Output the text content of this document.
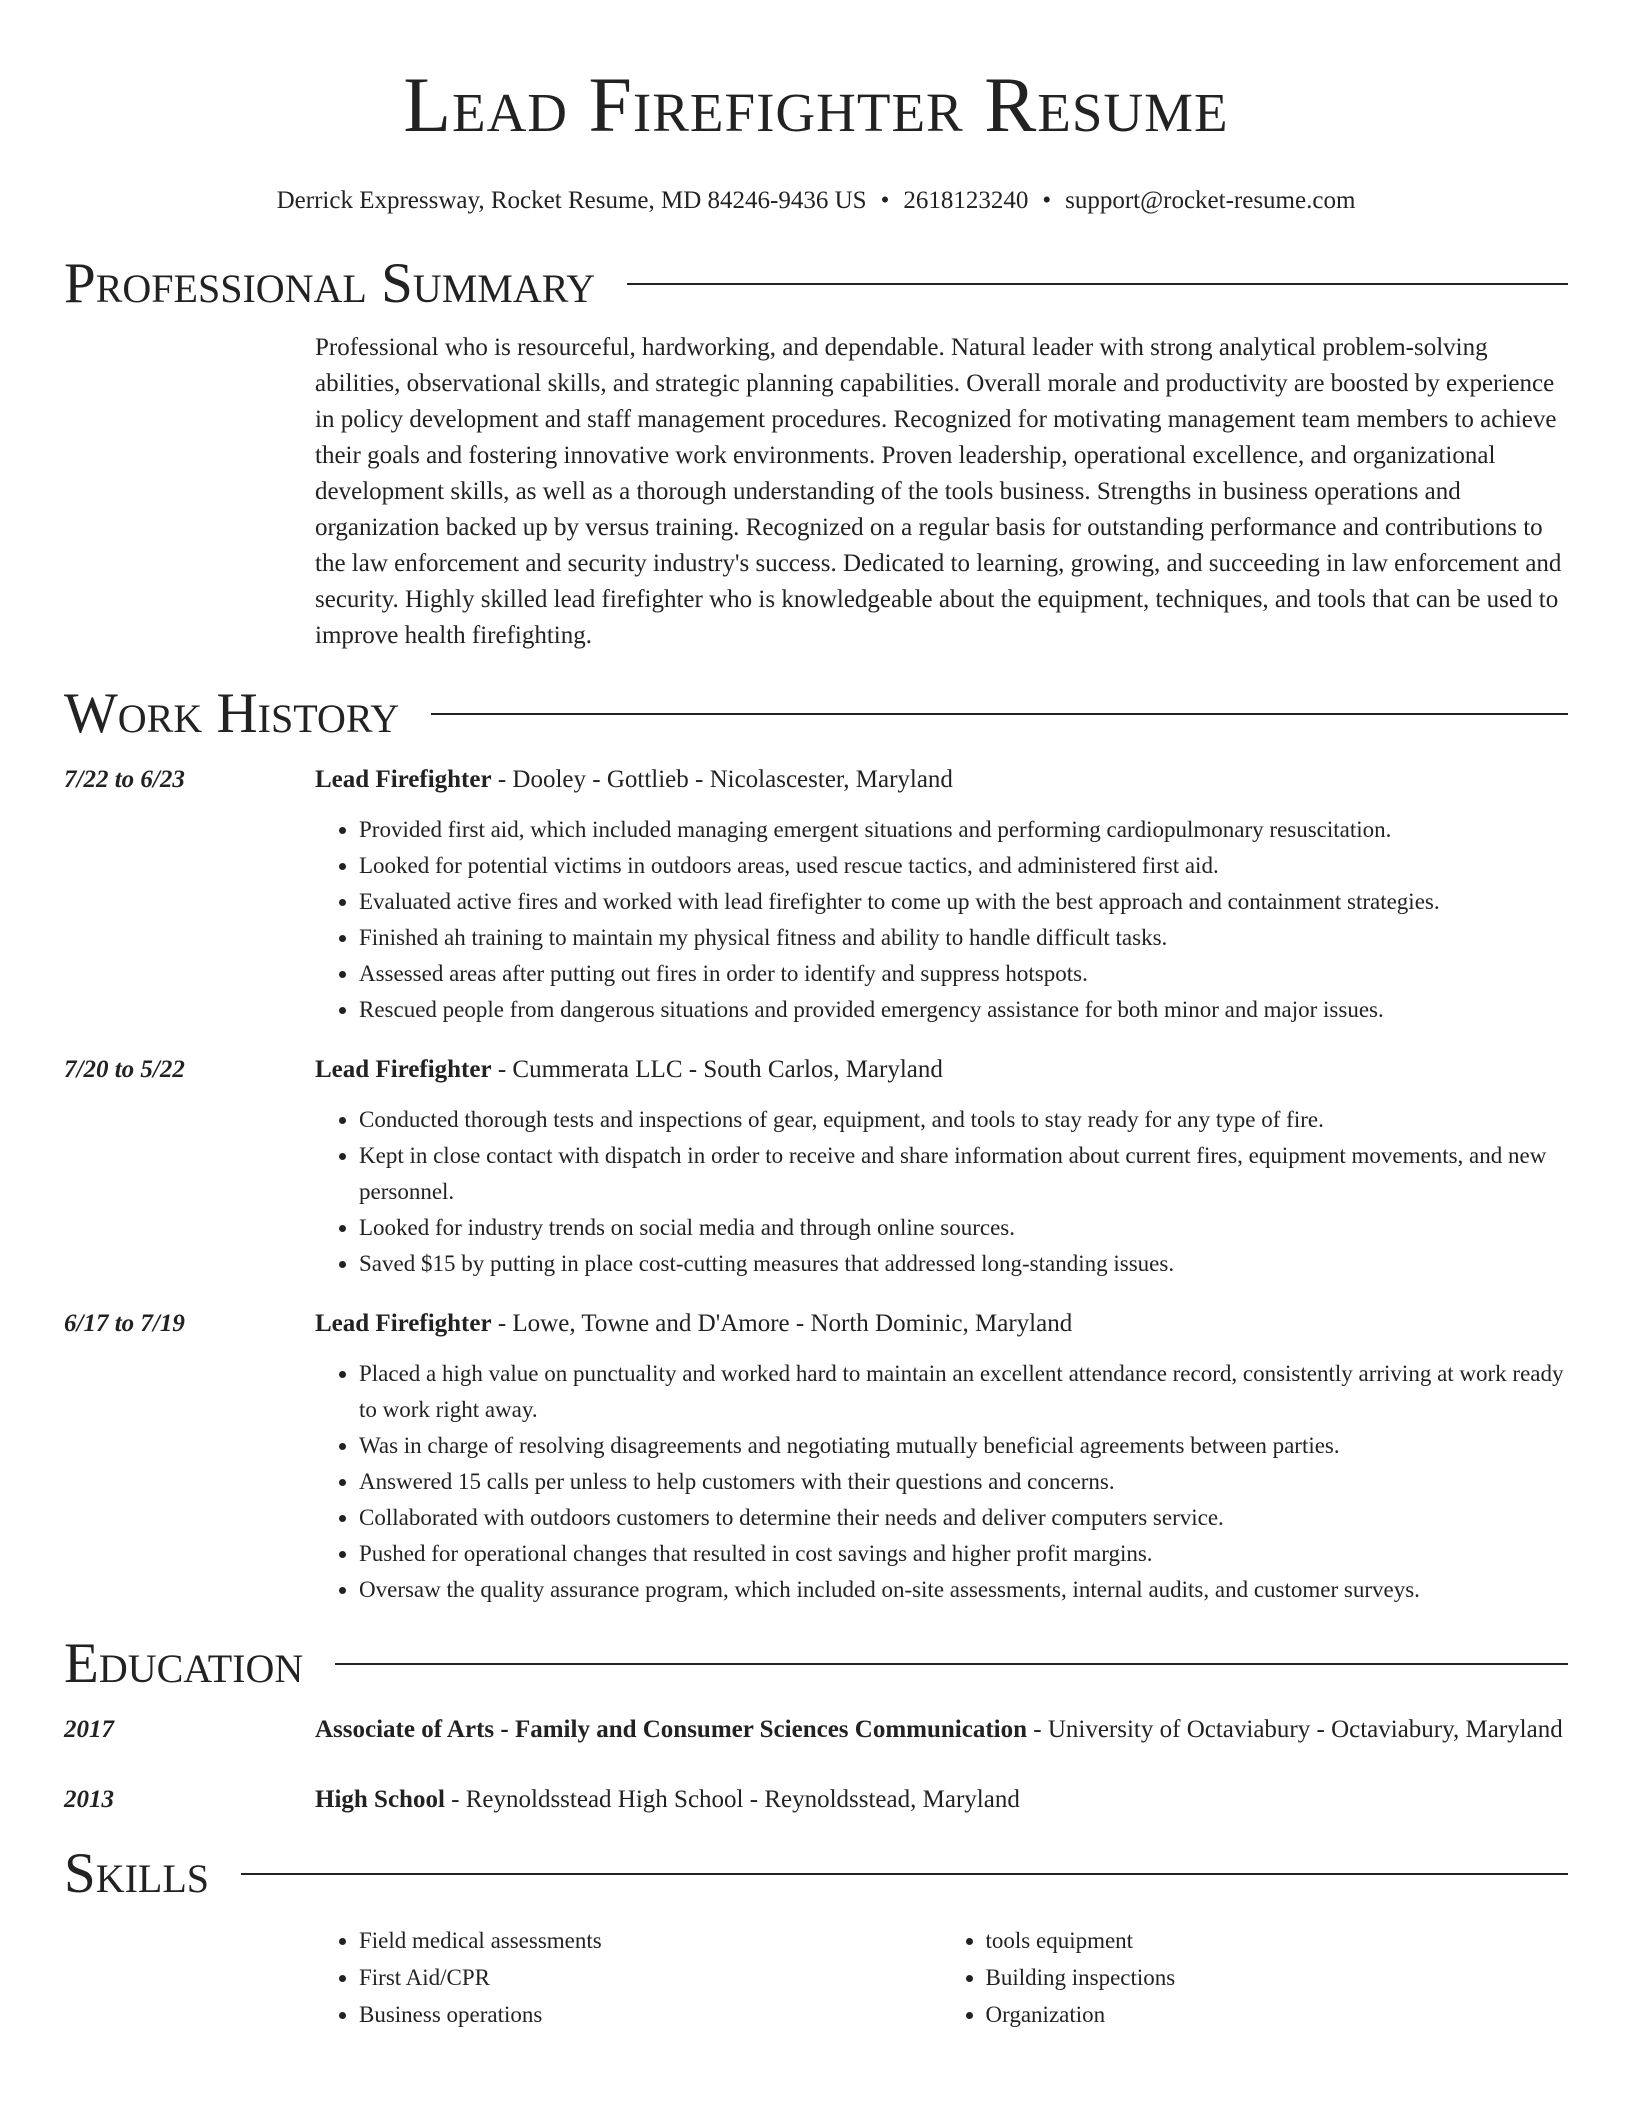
Lead Firefighter Resume
Derrick Expressway, Rocket Resume, MD 84246-9436 US • 2618123240 • support@rocket-resume.com
Professional Summary
Professional who is resourceful, hardworking, and dependable. Natural leader with strong analytical problem-solving abilities, observational skills, and strategic planning capabilities. Overall morale and productivity are boosted by experience in policy development and staff management procedures. Recognized for motivating management team members to achieve their goals and fostering innovative work environments. Proven leadership, operational excellence, and organizational development skills, as well as a thorough understanding of the tools business. Strengths in business operations and organization backed up by versus training. Recognized on a regular basis for outstanding performance and contributions to the law enforcement and security industry's success. Dedicated to learning, growing, and succeeding in law enforcement and security. Highly skilled lead firefighter who is knowledgeable about the equipment, techniques, and tools that can be used to improve health firefighting.
Work History
7/22 to 6/23	Lead Firefighter - Dooley - Gottlieb - Nicolascester, Maryland
• Provided first aid, which included managing emergent situations and performing cardiopulmonary resuscitation.
• Looked for potential victims in outdoors areas, used rescue tactics, and administered first aid.
• Evaluated active fires and worked with lead firefighter to come up with the best approach and containment strategies.
• Finished ah training to maintain my physical fitness and ability to handle difficult tasks.
• Assessed areas after putting out fires in order to identify and suppress hotspots.
• Rescued people from dangerous situations and provided emergency assistance for both minor and major issues.
7/20 to 5/22	Lead Firefighter - Cummerata LLC - South Carlos, Maryland
• Conducted thorough tests and inspections of gear, equipment, and tools to stay ready for any type of fire.
• Kept in close contact with dispatch in order to receive and share information about current fires, equipment movements, and new personnel.
• Looked for industry trends on social media and through online sources.
• Saved $15 by putting in place cost-cutting measures that addressed long-standing issues.
6/17 to 7/19	Lead Firefighter - Lowe, Towne and D'Amore - North Dominic, Maryland
• Placed a high value on punctuality and worked hard to maintain an excellent attendance record, consistently arriving at work ready to work right away.
• Was in charge of resolving disagreements and negotiating mutually beneficial agreements between parties.
• Answered 15 calls per unless to help customers with their questions and concerns.
• Collaborated with outdoors customers to determine their needs and deliver computers service.
• Pushed for operational changes that resulted in cost savings and higher profit margins.
• Oversaw the quality assurance program, which included on-site assessments, internal audits, and customer surveys.
Education
2017	Associate of Arts - Family and Consumer Sciences Communication - University of Octaviabury - Octaviabury, Maryland
2013	High School - Reynoldsstead High School - Reynoldsstead, Maryland
Skills
• Field medical assessments
• First Aid/CPR
• Business operations
• tools equipment
• Building inspections
• Organization
